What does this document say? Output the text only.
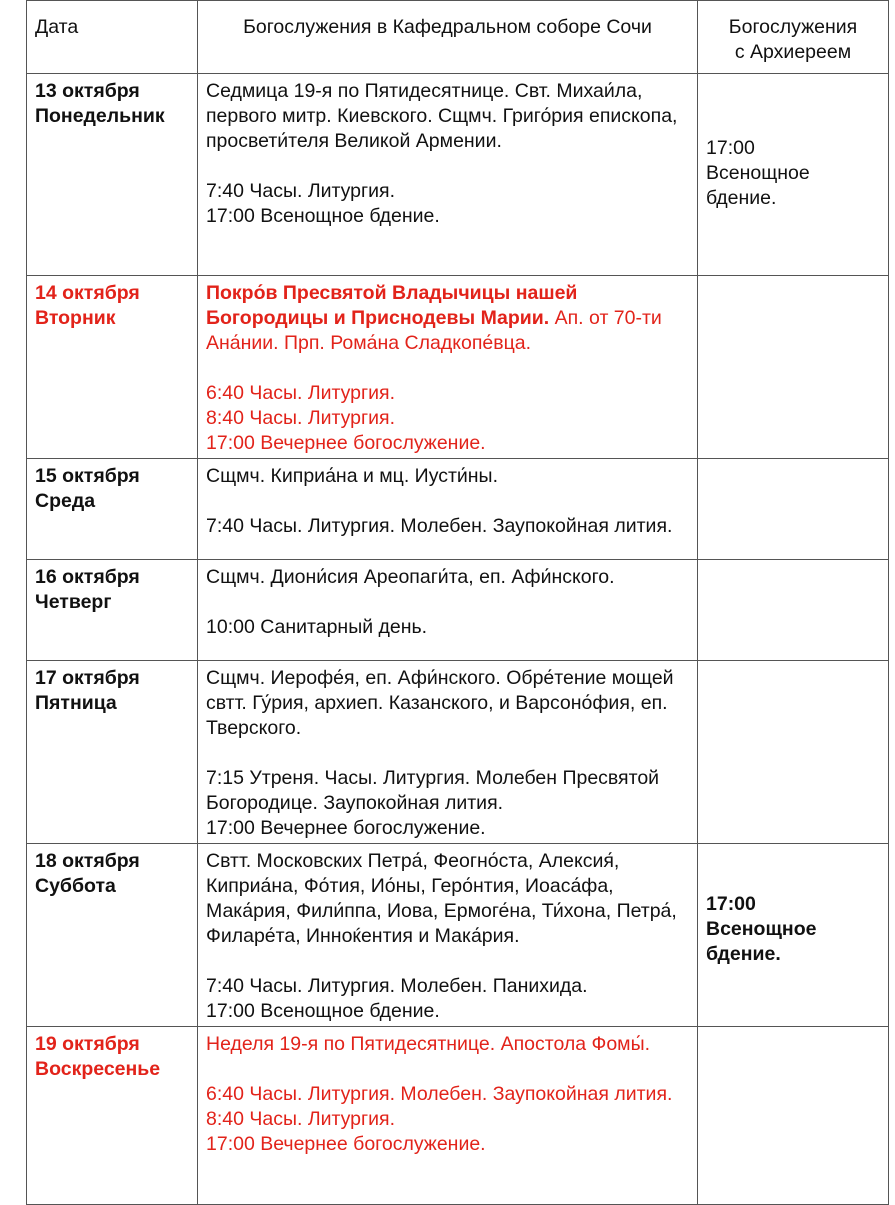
Дата	Богослужения в Кафедральном соборе Сочи	Богослужения
с Архиереем

13 октября
Понедельник	Седмица 19-я по Пятидесятнице. Свт. Михаи́ла, первого митр. Киевского. Сщмч. Григо́рия епископа, просвети́теля Великой Армении.
7:40 Часы. Литургия.
17:00 Всенощное бдение.	17:00
Всенощное бдение.

14 октября
Вторник	Покро́в Пресвятой Владычицы нашей Богородицы и Приснодевы Марии. Ап. от 70-ти Ана́нии. Прп. Рома́на Сладкопе́вца.
6:40 Часы. Литургия.
8:40 Часы. Литургия.
17:00 Вечернее богослужение.	

15 октября
Среда	Сщмч. Киприа́на и мц. Иусти́ны.
7:40 Часы. Литургия. Молебен. Заупокойная лития.	

16 октября
Четверг	Сщмч. Диони́сия Ареопаги́та, еп. Афи́нского.
10:00 Санитарный день.	

17 октября
Пятница	Сщмч. Иерофе́я, еп. Афи́нского. Обре́тение мощей свтт. Гу́рия, архиеп. Казанского, и Варсоно́фия, еп. Тверского.
7:15 Утреня. Часы. Литургия. Молебен Пресвятой Богородице. Заупокойная лития.
17:00 Вечернее богослужение.	

18 октября
Суббота	Свтт. Московских Петра́, Феогно́ста, Алексия́, Киприа́на, Фо́тия, Ио́ны, Геро́нтия, Иоаса́фа, Мака́рия, Фили́ппа, Иова, Ермоге́на, Ти́хона, Петра́, Филаре́та, Инноќентия и Мака́рия.
7:40 Часы. Литургия. Молебен. Панихида.
17:00 Всенощное бдение.	17:00
Всенощное бдение.

19 октября
Воскресенье	Неделя 19-я по Пятидесятнице. Апостола Фомы́.
6:40 Часы. Литургия. Молебен. Заупокойная лития.
8:40 Часы. Литургия.
17:00 Вечернее богослужение.	
